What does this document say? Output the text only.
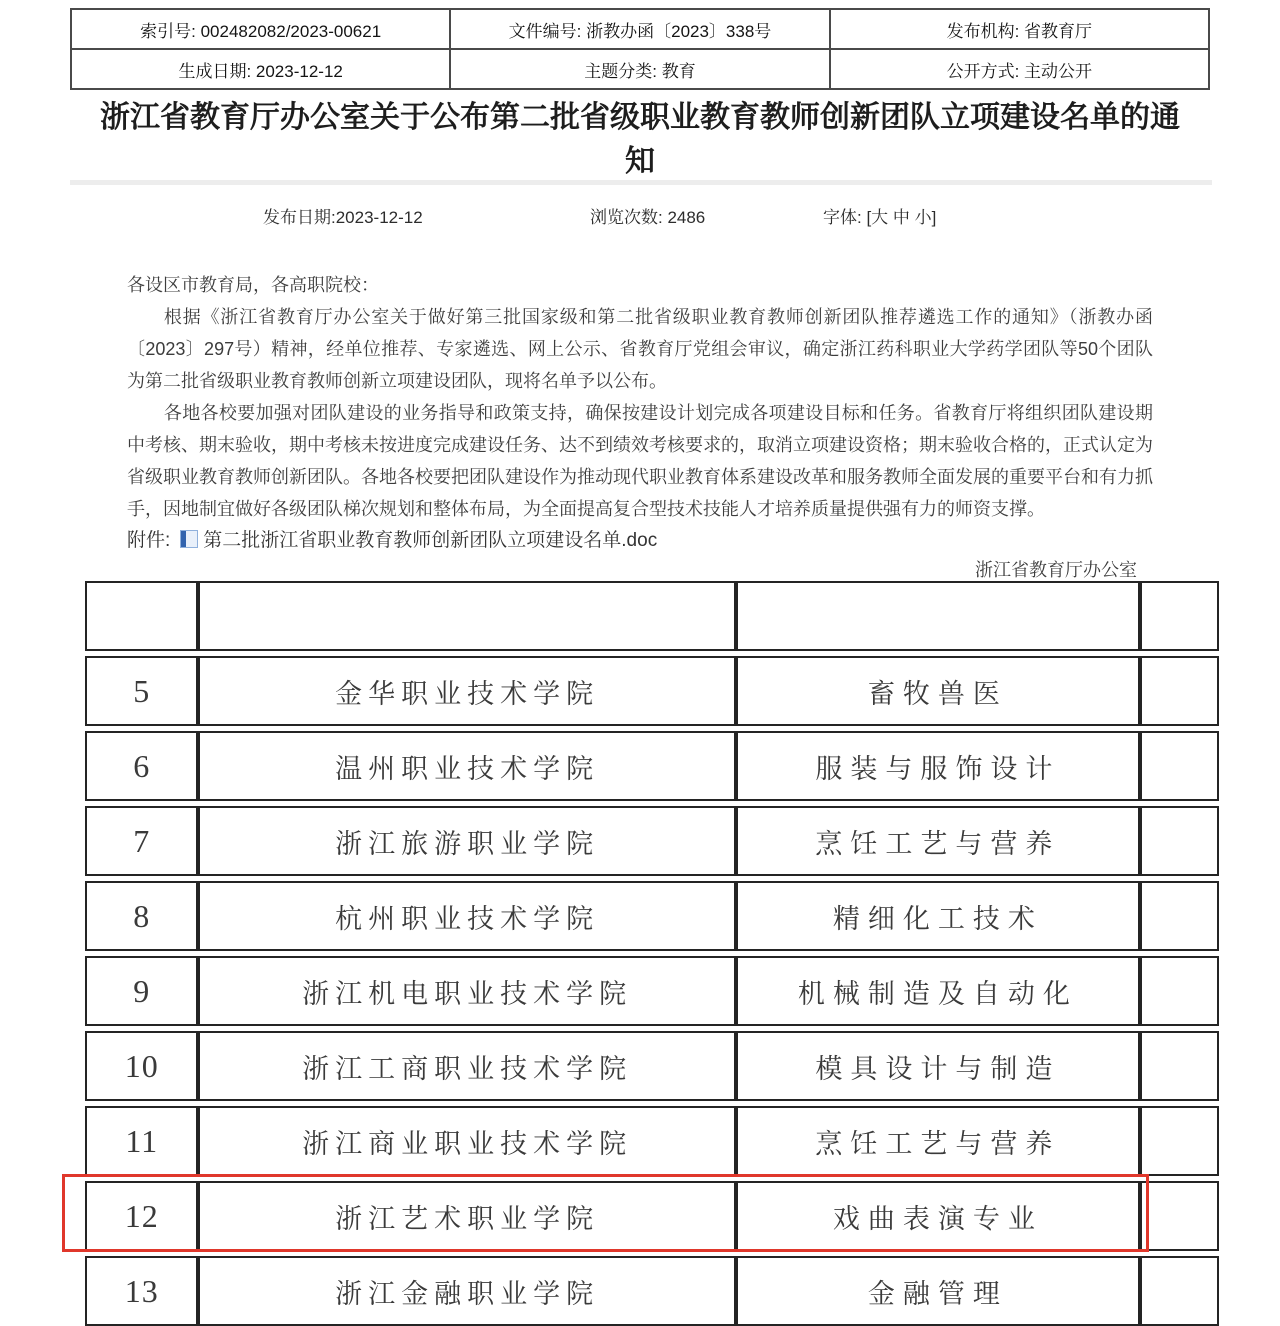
索引号: 002482082/2023-00621	文件编号: 浙教办函〔2023〕338号	发布机构: 省教育厅
生成日期: 2023-12-12	主题分类: 教育	公开方式: 主动公开
浙江省教育厅办公室关于公布第二批省级职业教育教师创新团队立项建设名单的通知
发布日期:2023-12-12	浏览次数: 2486	字体: [大 中 小]

各设区市教育局，各高职院校：

根据《浙江省教育厅办公室关于做好第三批国家级和第二批省级职业教育教师创新团队推荐遴选工作的通知》（浙教办函〔2023〕297号）精神，经单位推荐、专家遴选、网上公示、省教育厅党组会审议，确定浙江药科职业大学药学团队等50个团队为第二批省级职业教育教师创新立项建设团队，现将名单予以公布。

各地各校要加强对团队建设的业务指导和政策支持，确保按建设计划完成各项建设目标和任务。省教育厅将组织团队建设期中考核、期末验收，期中考核未按进度完成建设任务、达不到绩效考核要求的，取消立项建设资格；期末验收合格的，正式认定为省级职业教育教师创新团队。各地各校要把团队建设作为推动现代职业教育体系建设改革和服务教师全面发展的重要平台和有力抓手，因地制宜做好各级团队梯次规划和整体布局，为全面提高复合型技术技能人才培养质量提供强有力的师资支撑。

附件: 第二批浙江省职业教育教师创新团队立项建设名单.doc
浙江省教育厅办公室
5	金华职业技术学院	畜牧兽医
6	温州职业技术学院	服装与服饰设计
7	浙江旅游职业学院	烹饪工艺与营养
8	杭州职业技术学院	精细化工技术
9	浙江机电职业技术学院	机械制造及自动化
10	浙江工商职业技术学院	模具设计与制造
11	浙江商业职业技术学院	烹饪工艺与营养
12	浙江艺术职业学院	戏曲表演专业
13	浙江金融职业学院	金融管理
